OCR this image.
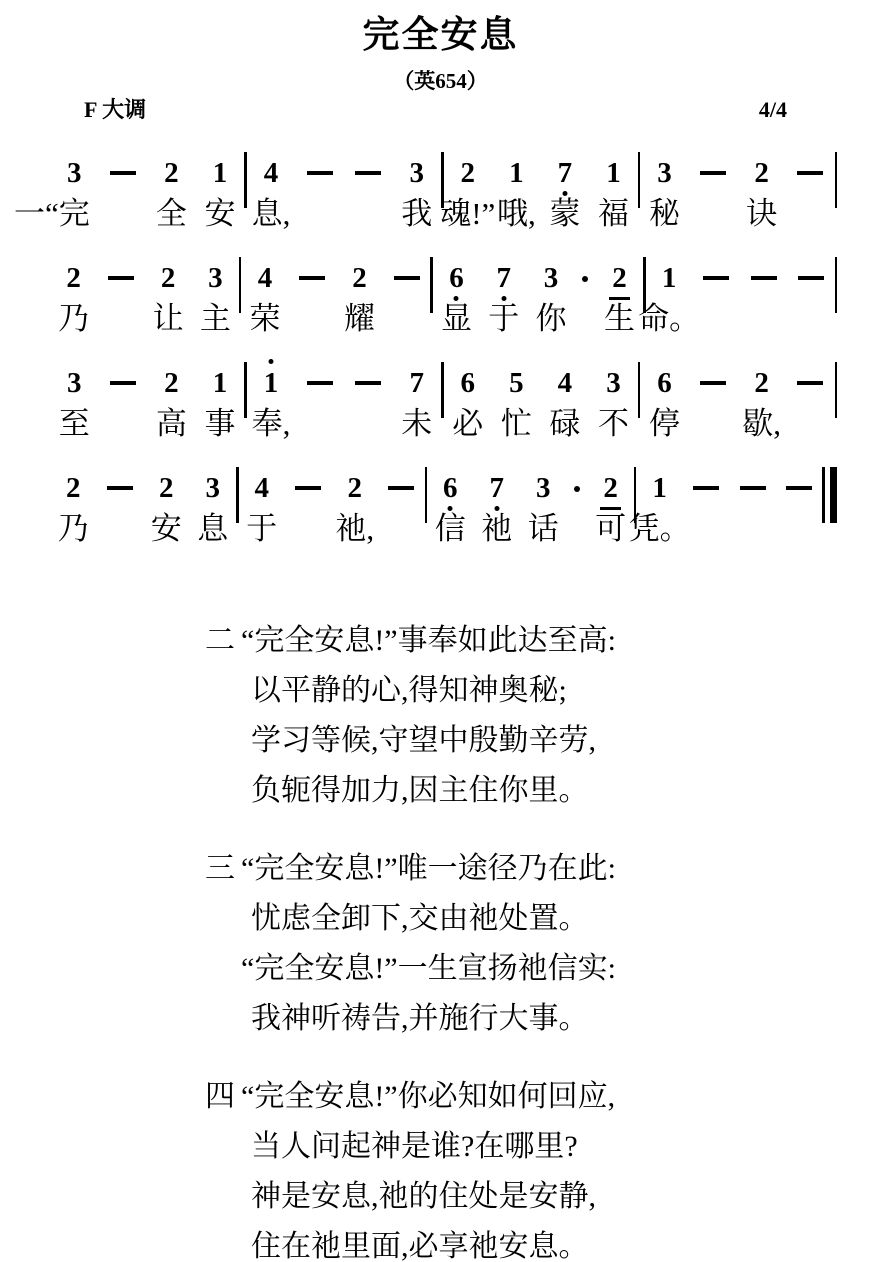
完全安息
（英654）
F 大调	4/4
3
完
一“
2
全
1
安
4
息,
3
我
2
魂!”
1
哦,
7
蒙
1
福
3
秘
2
诀
2
乃
2
让
3
主
4
荣
2
耀
6
显
7
于
3
你
2
生
1
命。
3
至
2
高
1
事
1
奉,
7
未
6
必
5
忙
4
碌
3
不
6
停
2
歇,
2
乃
2
安
3
息
4
于
2
祂,
6
信
7
祂
3
话
2
可
1
凭。
二 “完全安息!”事奉如此达至高:
以平静的心,得知神奥秘;
学习等候,守望中殷勤辛劳,
负轭得加力,因主住你里。
三 “完全安息!”唯一途径乃在此:
忧虑全卸下,交由祂处置。
“完全安息!”一生宣扬祂信实:
我神听祷告,并施行大事。
四 “完全安息!”你必知如何回应,
当人问起神是谁?在哪里?
神是安息,祂的住处是安静,
住在祂里面,必享祂安息。
